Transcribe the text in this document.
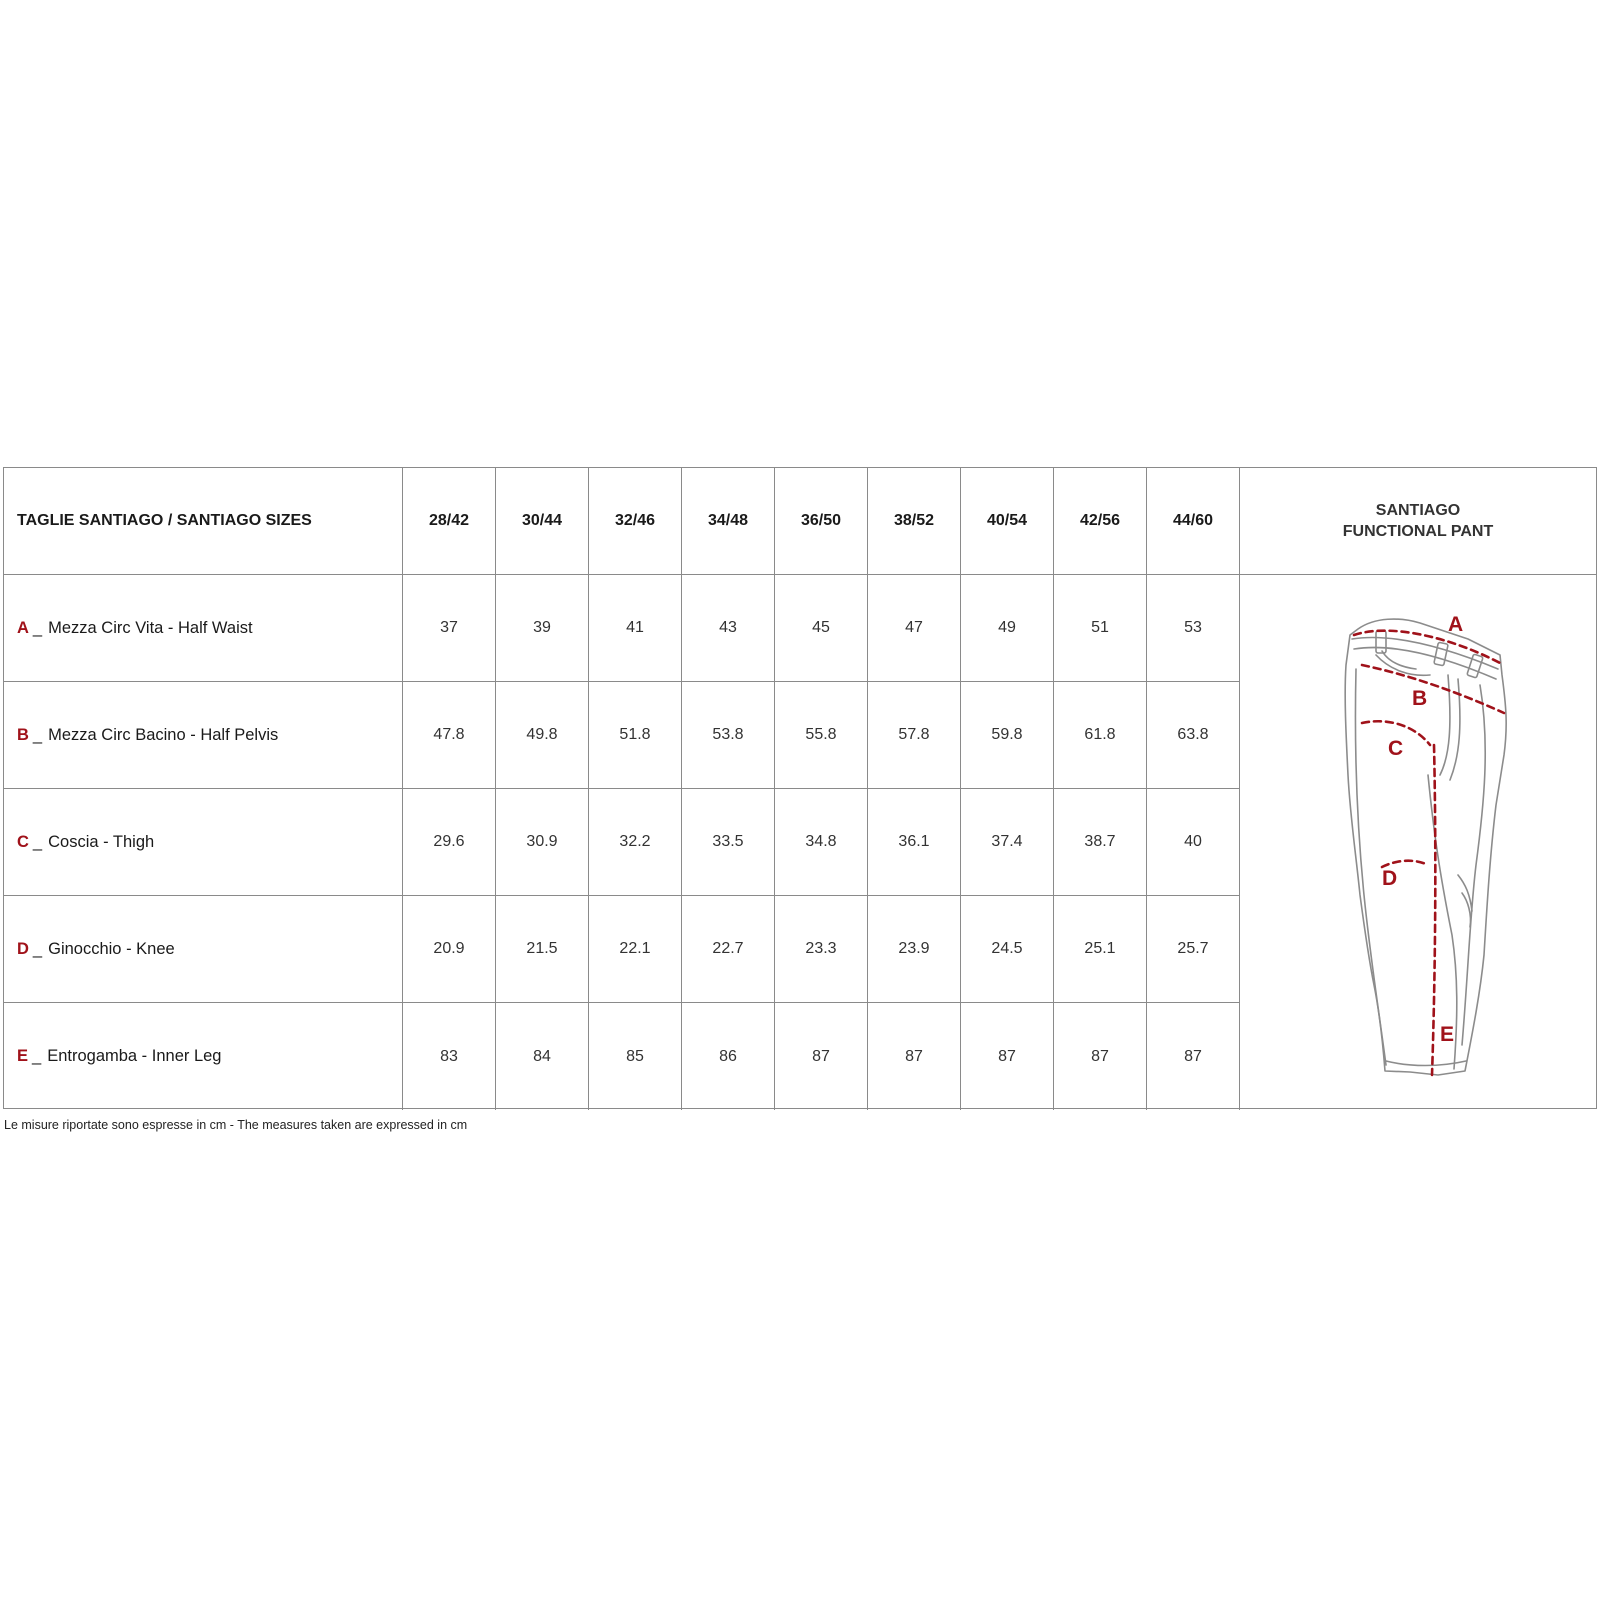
TAGLIE SANTIAGO / SANTIAGO SIZES	28/42	30/44	32/46	34/48	36/50	38/52	40/54	42/56	44/60
SANTIAGO
FUNCTIONAL PANT
A _ Mezza Circ Vita - Half Waist	37	39	41	43	45	47	49	51	53
B _ Mezza Circ Bacino - Half Pelvis	47.8	49.8	51.8	53.8	55.8	57.8	59.8	61.8	63.8
C _ Coscia - Thigh	29.6	30.9	32.2	33.5	34.8	36.1	37.4	38.7	40
D _ Ginocchio - Knee	20.9	21.5	22.1	22.7	23.3	23.9	24.5	25.1	25.7
E _ Entrogamba - Inner Leg	83	84	85	86	87	87	87	87	87
A
B
C
D
E
Le misure riportate sono espresse in cm - The measures taken are expressed in cm
